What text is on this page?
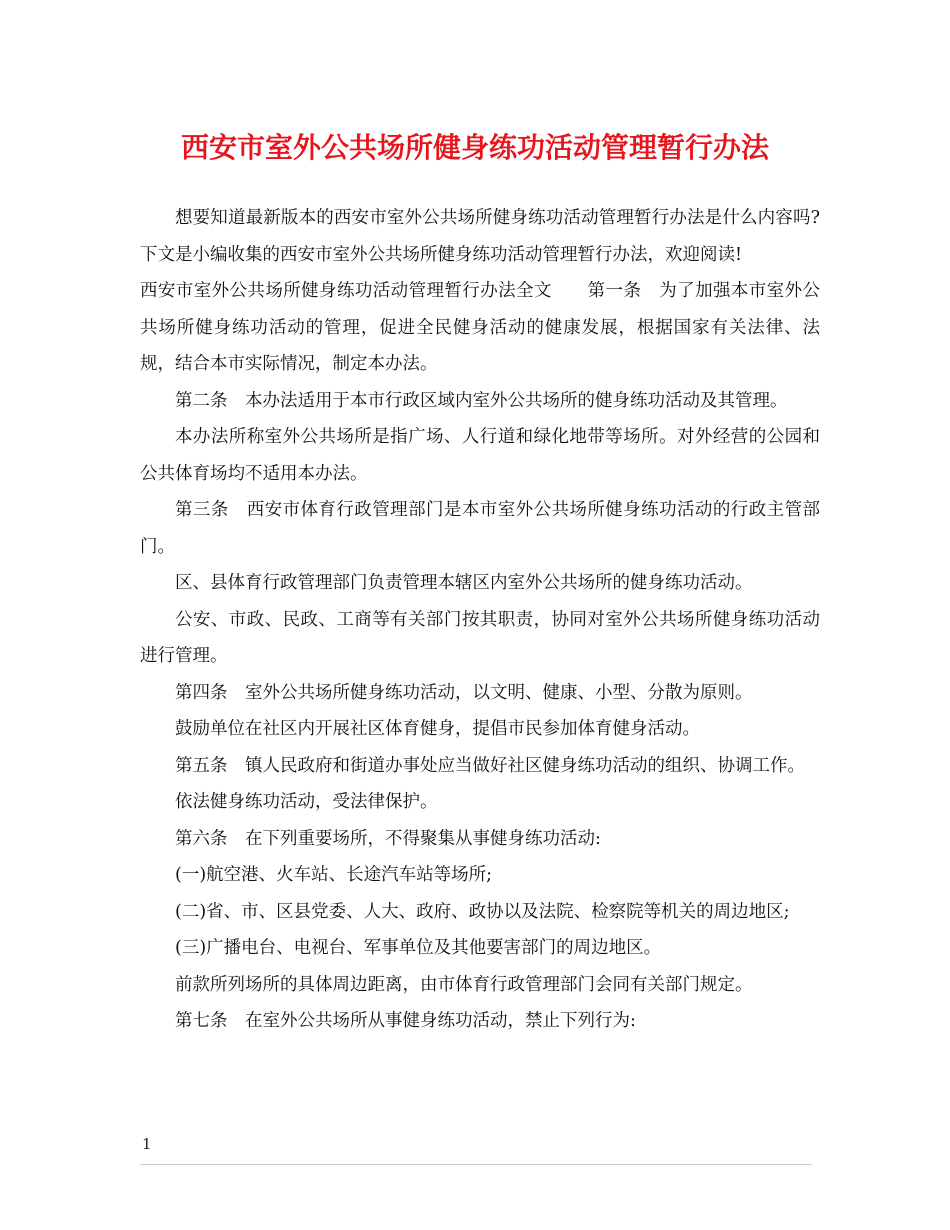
西安市室外公共场所健身练功活动管理暂行办法

想要知道最新版本的西安市室外公共场所健身练功活动管理暂行办法是什么内容吗?下文是小编收集的西安市室外公共场所健身练功活动管理暂行办法，欢迎阅读!

西安市室外公共场所健身练功活动管理暂行办法全文　　第一条　为了加强本市室外公共场所健身练功活动的管理，促进全民健身活动的健康发展，根据国家有关法律、法规，结合本市实际情况，制定本办法。

第二条　本办法适用于本市行政区域内室外公共场所的健身练功活动及其管理。

本办法所称室外公共场所是指广场、人行道和绿化地带等场所。对外经营的公园和公共体育场均不适用本办法。

第三条　西安市体育行政管理部门是本市室外公共场所健身练功活动的行政主管部门。

区、县体育行政管理部门负责管理本辖区内室外公共场所的健身练功活动。

公安、市政、民政、工商等有关部门按其职责，协同对室外公共场所健身练功活动进行管理。

第四条　室外公共场所健身练功活动，以文明、健康、小型、分散为原则。

鼓励单位在社区内开展社区体育健身，提倡市民参加体育健身活动。

第五条　镇人民政府和街道办事处应当做好社区健身练功活动的组织、协调工作。

依法健身练功活动，受法律保护。

第六条　在下列重要场所，不得聚集从事健身练功活动:

(一)航空港、火车站、长途汽车站等场所;

(二)省、市、区县党委、人大、政府、政协以及法院、检察院等机关的周边地区;

(三)广播电台、电视台、军事单位及其他要害部门的周边地区。

前款所列场所的具体周边距离，由市体育行政管理部门会同有关部门规定。

第七条　在室外公共场所从事健身练功活动，禁止下列行为:

1
